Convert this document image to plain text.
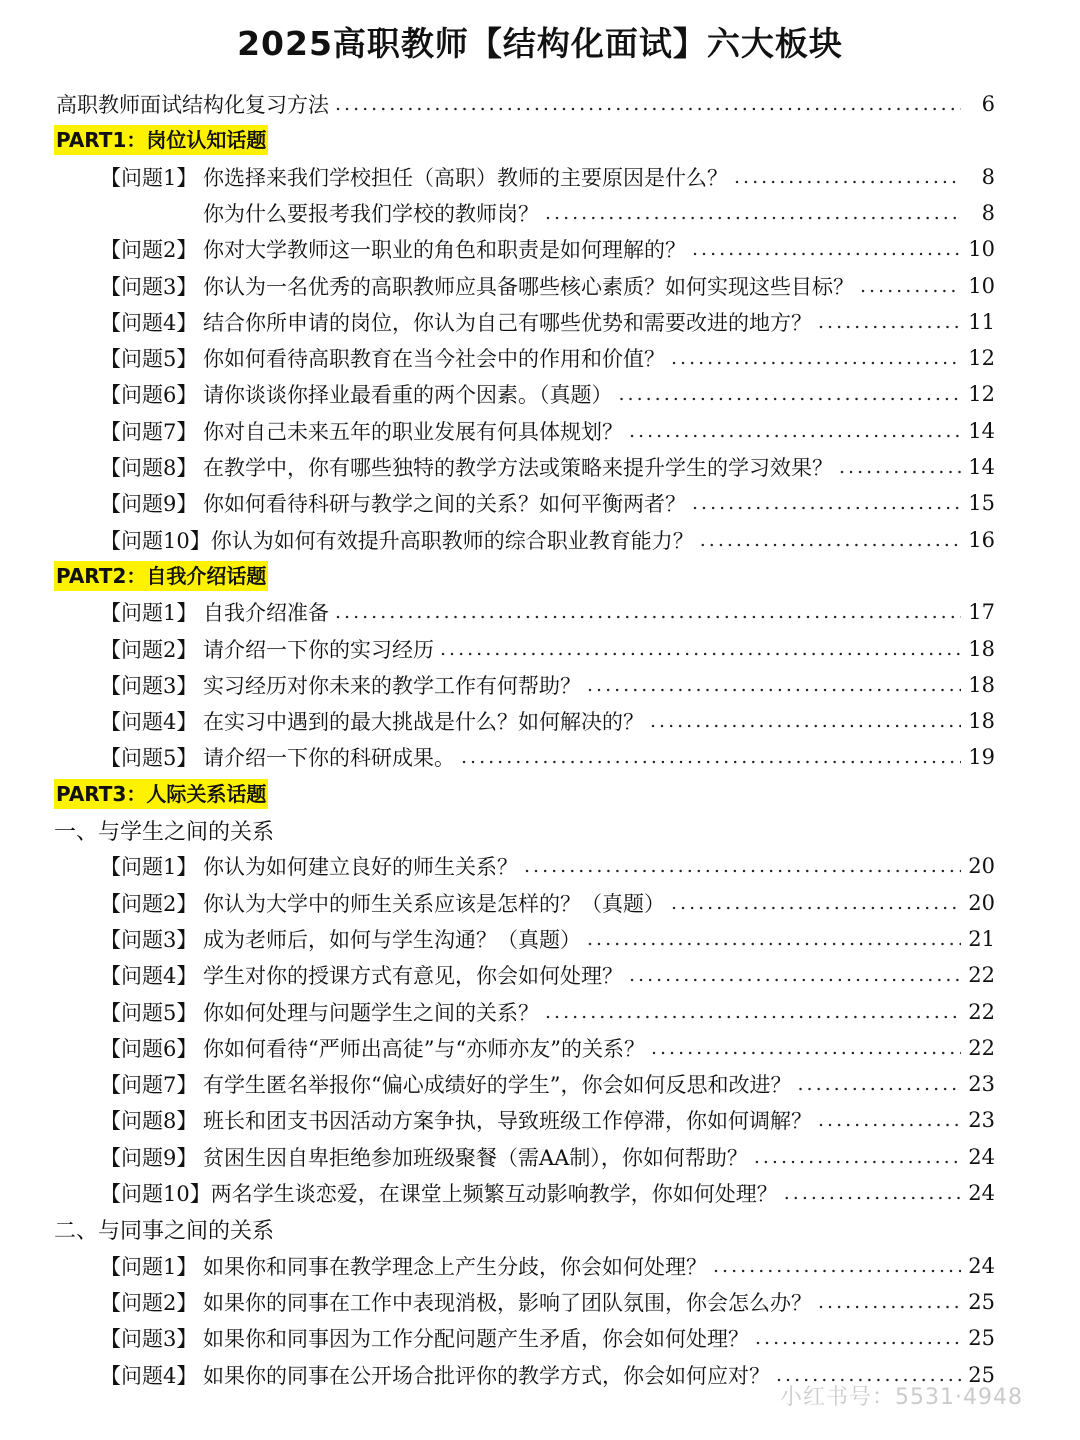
2025高职教师【结构化面试】六大板块
高职教师面试结构化复习方法 .....	6
PART1：岗位认知话题
【问题1】 你选择来我们学校担任（高职）教师的主要原因是什么？ .....	8
你为什么要报考我们学校的教师岗？ .....	8
【问题2】 你对大学教师这一职业的角色和职责是如何理解的？ .....	10
【问题3】 你认为一名优秀的高职教师应具备哪些核心素质？如何实现这些目标？ .....	10
【问题4】 结合你所申请的岗位，你认为自己有哪些优势和需要改进的地方？ .....	11
【问题5】 你如何看待高职教育在当今社会中的作用和价值？ .....	12
【问题6】 请你谈谈你择业最看重的两个因素。（真题） .....	12
【问题7】 你对自己未来五年的职业发展有何具体规划？ .....	14
【问题8】 在教学中，你有哪些独特的教学方法或策略来提升学生的学习效果？ .....	14
【问题9】 你如何看待科研与教学之间的关系？如何平衡两者？ .....	15
【问题10】 你认为如何有效提升高职教师的综合职业教育能力？ .....	16
PART2：自我介绍话题
【问题1】 自我介绍准备 .....	17
【问题2】 请介绍一下你的实习经历 .....	18
【问题3】 实习经历对你未来的教学工作有何帮助？ .....	18
【问题4】 在实习中遇到的最大挑战是什么？如何解决的？ .....	18
【问题5】 请介绍一下你的科研成果。 .....	19
PART3：人际关系话题
一、与学生之间的关系
【问题1】 你认为如何建立良好的师生关系？ .....	20
【问题2】 你认为大学中的师生关系应该是怎样的？（真题） .....	20
【问题3】 成为老师后，如何与学生沟通？（真题） .....	21
【问题4】 学生对你的授课方式有意见，你会如何处理？ .....	22
【问题5】 你如何处理与问题学生之间的关系？ .....	22
【问题6】 你如何看待“严师出高徒”与“亦师亦友”的关系？ .....	22
【问题7】 有学生匿名举报你“偏心成绩好的学生”，你会如何反思和改进？ .....	23
【问题8】 班长和团支书因活动方案争执，导致班级工作停滞，你如何调解？ .....	23
【问题9】 贫困生因自卑拒绝参加班级聚餐（需AA制），你如何帮助？ .....	24
【问题10】 两名学生谈恋爱，在课堂上频繁互动影响教学，你如何处理？ .....	24
二、与同事之间的关系
【问题1】 如果你和同事在教学理念上产生分歧，你会如何处理？ .....	24
【问题2】 如果你的同事在工作中表现消极，影响了团队氛围，你会怎么办？ .....	25
【问题3】 如果你和同事因为工作分配问题产生矛盾，你会如何处理？ .....	25
【问题4】 如果你的同事在公开场合批评你的教学方式，你会如何应对？ .....	25
小红书号：5531·4948
